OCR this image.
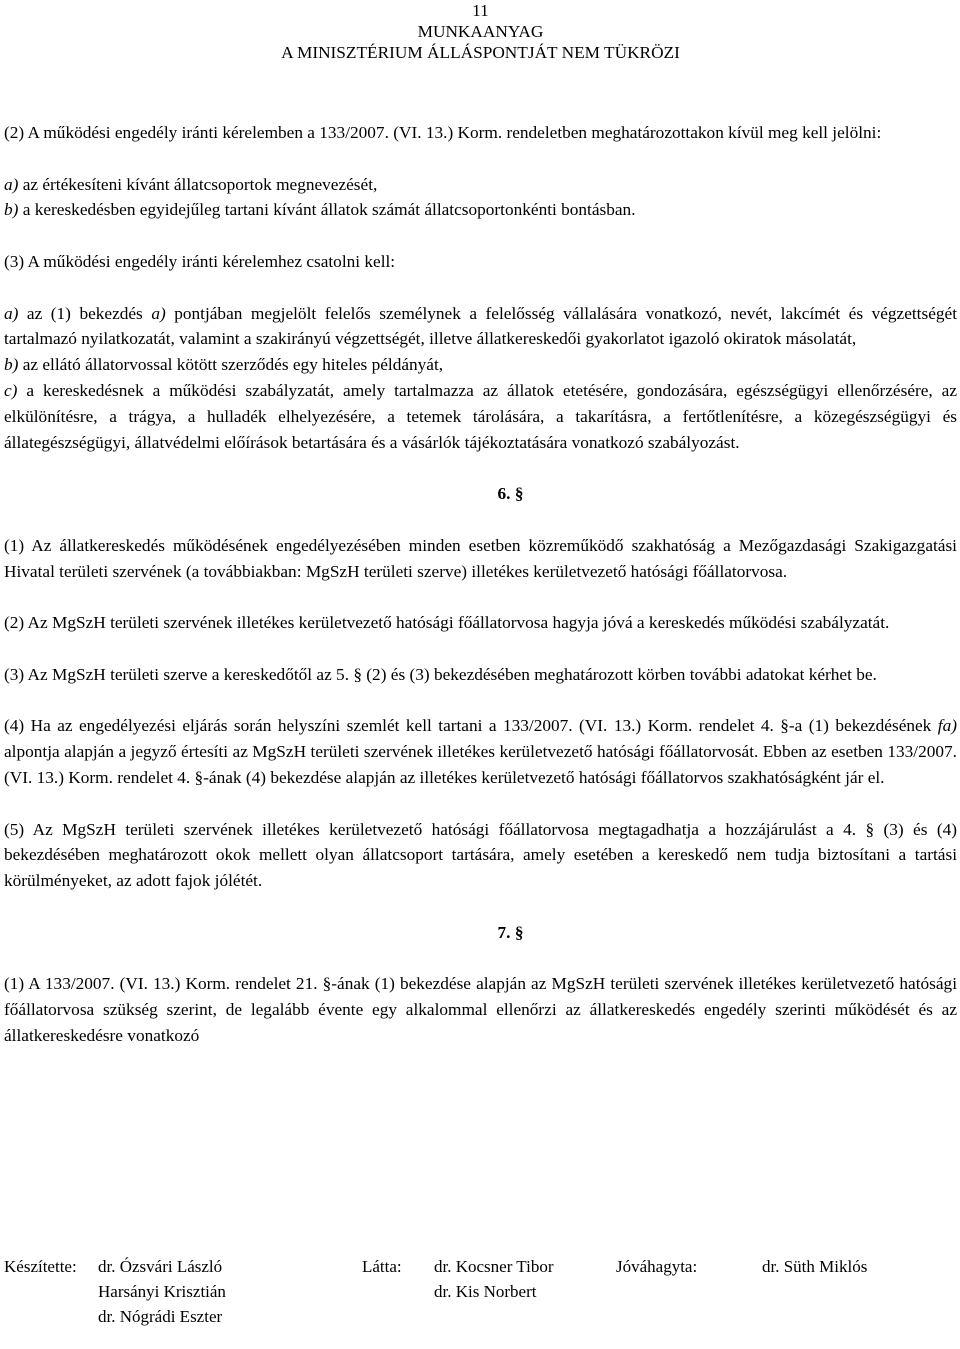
11
MUNKAANYAG
A MINISZTÉRIUM ÁLLÁSPONTJÁT NEM TÜKRÖZI

(2) A működési engedély iránti kérelemben a 133/2007. (VI. 13.) Korm. rendeletben meghatározottakon kívül meg kell jelölni:

a) az értékesíteni kívánt állatcsoportok megnevezését,

b) a kereskedésben egyidejűleg tartani kívánt állatok számát állatcsoportonkénti bontásban.

(3) A működési engedély iránti kérelemhez csatolni kell:

a) az (1) bekezdés a) pontjában megjelölt felelős személynek a felelősség vállalására vonatkozó, nevét, lakcímét és végzettségét tartalmazó nyilatkozatát, valamint a szakirányú végzettségét, illetve állatkereskedői gyakorlatot igazoló okiratok másolatát,

b) az ellátó állatorvossal kötött szerződés egy hiteles példányát,

c) a kereskedésnek a működési szabályzatát, amely tartalmazza az állatok etetésére, gondozására, egészségügyi ellenőrzésére, az elkülönítésre, a trágya, a hulladék elhelyezésére, a tetemek tárolására, a takarításra, a fertőtlenítésre, a közegészségügyi és állategészségügyi, állatvédelmi előírások betartására és a vásárlók tájékoztatására vonatkozó szabályozást.

6. §

(1) Az állatkereskedés működésének engedélyezésében minden esetben közreműködő szakhatóság a Mezőgazdasági Szakigazgatási Hivatal területi szervének (a továbbiakban: MgSzH területi szerve) illetékes kerületvezető hatósági főállatorvosa.

(2) Az MgSzH területi szervének illetékes kerületvezető hatósági főállatorvosa hagyja jóvá a kereskedés működési szabályzatát.

(3) Az MgSzH területi szerve a kereskedőtől az 5. § (2) és (3) bekezdésében meghatározott körben további adatokat kérhet be.

(4) Ha az engedélyezési eljárás során helyszíni szemlét kell tartani a 133/2007. (VI. 13.) Korm. rendelet 4. §-a (1) bekezdésének fa) alpontja alapján a jegyző értesíti az MgSzH területi szervének illetékes kerületvezető hatósági főállatorvosát. Ebben az esetben 133/2007. (VI. 13.) Korm. rendelet 4. §-ának (4) bekezdése alapján az illetékes kerületvezető hatósági főállatorvos szakhatóságként jár el.

(5) Az MgSzH területi szervének illetékes kerületvezető hatósági főállatorvosa megtagadhatja a hozzájárulást a 4. § (3) és (4) bekezdésében meghatározott okok mellett olyan állatcsoport tartására, amely esetében a kereskedő nem tudja biztosítani a tartási körülményeket, az adott fajok jólétét.

7. §

(1) A 133/2007. (VI. 13.) Korm. rendelet 21. §-ának (1) bekezdése alapján az MgSzH területi szervének illetékes kerületvezető hatósági főállatorvosa szükség szerint, de legalább évente egy alkalommal ellenőrzi az állatkereskedés engedély szerinti működését és az állatkereskedésre vonatkozó

Készítette: dr. Ózsvári László
Harsányi Krisztián
dr. Nógrádi Eszter
Látta: dr. Kocsner Tibor
dr. Kis Norbert
Jóváhagyta:	dr. Süth Miklós
